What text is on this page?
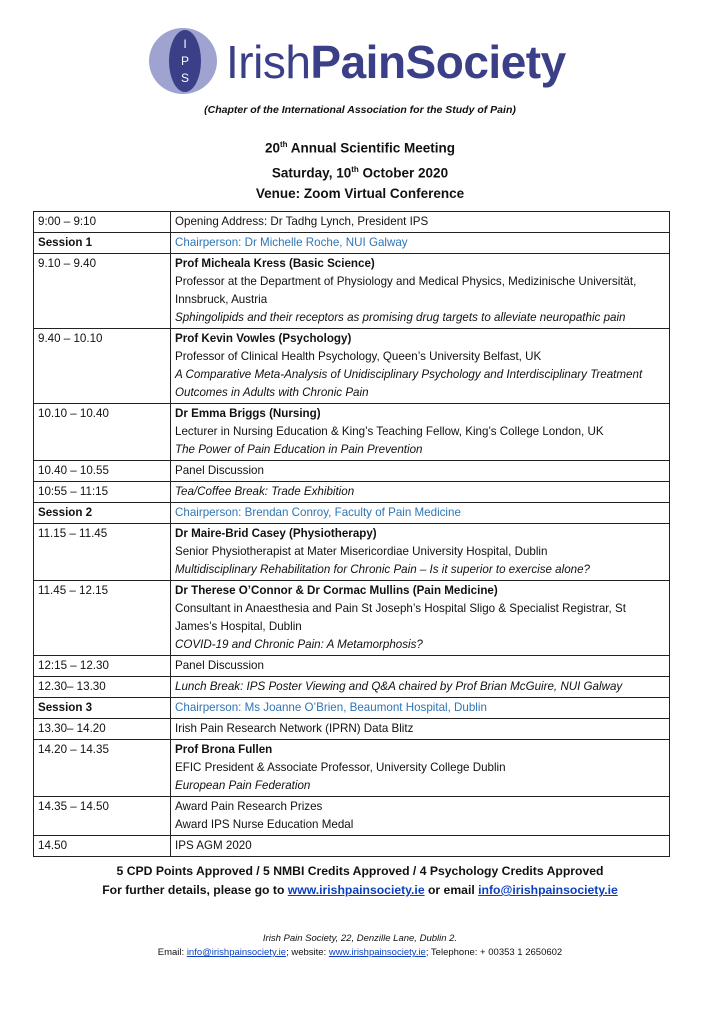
I
P
S IrishPainSociety
(Chapter of the International Association for the Study of Pain)
20th Annual Scientific Meeting
Saturday, 10th October 2020
Venue: Zoom Virtual Conference
9:00 – 9:10	Opening Address: Dr Tadhg Lynch, President IPS

Session 1	Chairperson: Dr Michelle Roche, NUI Galway

9.10 – 9.40	Prof Micheala Kress (Basic Science)
Professor at the Department of Physiology and Medical Physics, Medizinische Universität, Innsbruck, Austria
Sphingolipids and their receptors as promising drug targets to alleviate neuropathic pain

9.40 – 10.10	Prof Kevin Vowles (Psychology)
Professor of Clinical Health Psychology, Queen’s University Belfast, UK
A Comparative Meta-Analysis of Unidisciplinary Psychology and Interdisciplinary Treatment Outcomes in Adults with Chronic Pain

10.10 – 10.40	Dr Emma Briggs (Nursing)
Lecturer in Nursing Education & King’s Teaching Fellow, King’s College London, UK
The Power of Pain Education in Pain Prevention

10.40 – 10.55	Panel Discussion

10:55 – 11:15	Tea/Coffee Break: Trade Exhibition

Session 2	Chairperson: Brendan Conroy, Faculty of Pain Medicine

11.15 – 11.45	Dr Maire-Brid Casey (Physiotherapy)
Senior Physiotherapist at Mater Misericordiae University Hospital, Dublin
Multidisciplinary Rehabilitation for Chronic Pain – Is it superior to exercise alone?

11.45 – 12.15	Dr Therese O’Connor & Dr Cormac Mullins (Pain Medicine)
Consultant in Anaesthesia and Pain St Joseph’s Hospital Sligo & Specialist Registrar, St James’s Hospital, Dublin
COVID-19 and Chronic Pain: A Metamorphosis?

12:15 – 12.30	Panel Discussion

12.30– 13.30	Lunch Break: IPS Poster Viewing and Q&A chaired by Prof Brian McGuire, NUI Galway

Session 3	Chairperson: Ms Joanne O’Brien, Beaumont Hospital, Dublin

13.30– 14.20	Irish Pain Research Network (IPRN) Data Blitz

14.20 – 14.35	Prof Brona Fullen
EFIC President & Associate Professor, University College Dublin
European Pain Federation

14.35 – 14.50	Award Pain Research Prizes
Award IPS Nurse Education Medal

14.50	IPS AGM 2020
5 CPD Points Approved / 5 NMBI Credits Approved / 4 Psychology Credits Approved
For further details, please go to www.irishpainsociety.ie or email info@irishpainsociety.ie
Irish Pain Society, 22, Denzille Lane, Dublin 2.
Email: info@irishpainsociety.ie; website: www.irishpainsociety.ie; Telephone: + 00353 1 2650602
